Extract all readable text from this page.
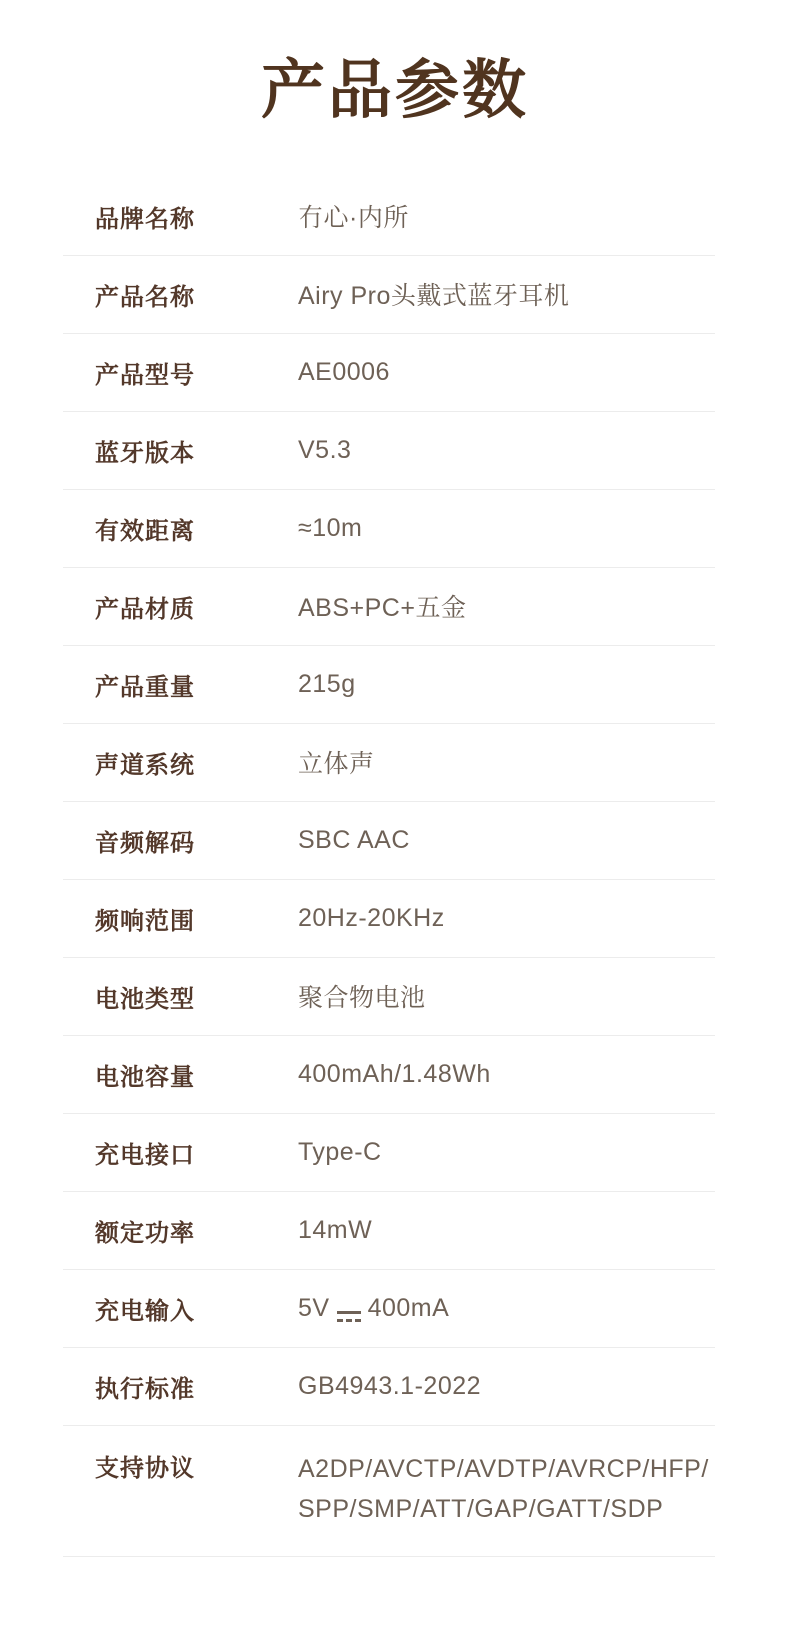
产品参数
品牌名称	冇心·内所
产品名称	Airy Pro头戴式蓝牙耳机
产品型号	AE0006
蓝牙版本	V5.3
有效距离	≈10m
产品材质	ABS+PC+五金
产品重量	215g
声道系统	立体声
音频解码	SBC AAC
频响范围	20Hz-20KHz
电池类型	聚合物电池
电池容量	400mAh/1.48Wh
充电接口	Type-C
额定功率	14mW
充电输入	5V 400mA
执行标准	GB4943.1-2022
支持协议	A2DP/AVCTP/AVDTP/AVRCP/HFP/
SPP/SMP/ATT/GAP/GATT/SDP
